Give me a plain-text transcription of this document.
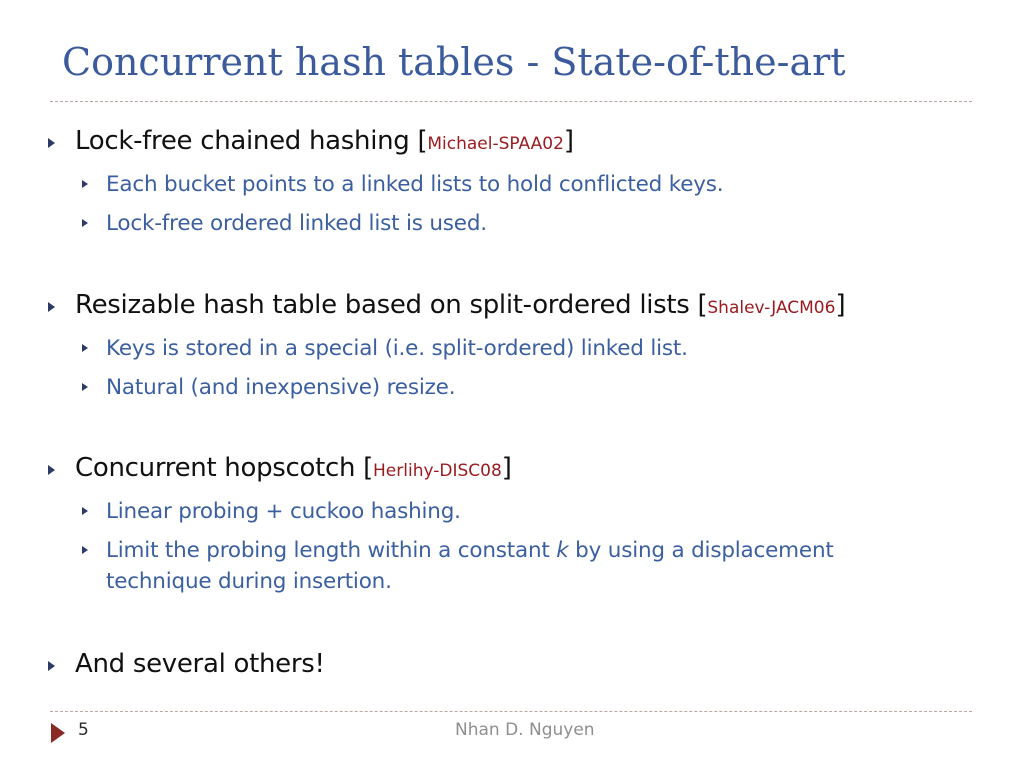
Concurrent hash tables - State-of-the-art
Lock-free chained hashing [Michael-SPAA02]
Each bucket points to a linked lists to hold conflicted keys.
Lock-free ordered linked list is used.
Resizable hash table based on split-ordered lists [Shalev-JACM06]
Keys is stored in a special (i.e. split-ordered) linked list.
Natural (and inexpensive) resize.
Concurrent hopscotch [Herlihy-DISC08]
Linear probing + cuckoo hashing.
Limit the probing length within a constant k by using a displacement
technique during insertion.
And several others!
5	Nhan D. Nguyen
